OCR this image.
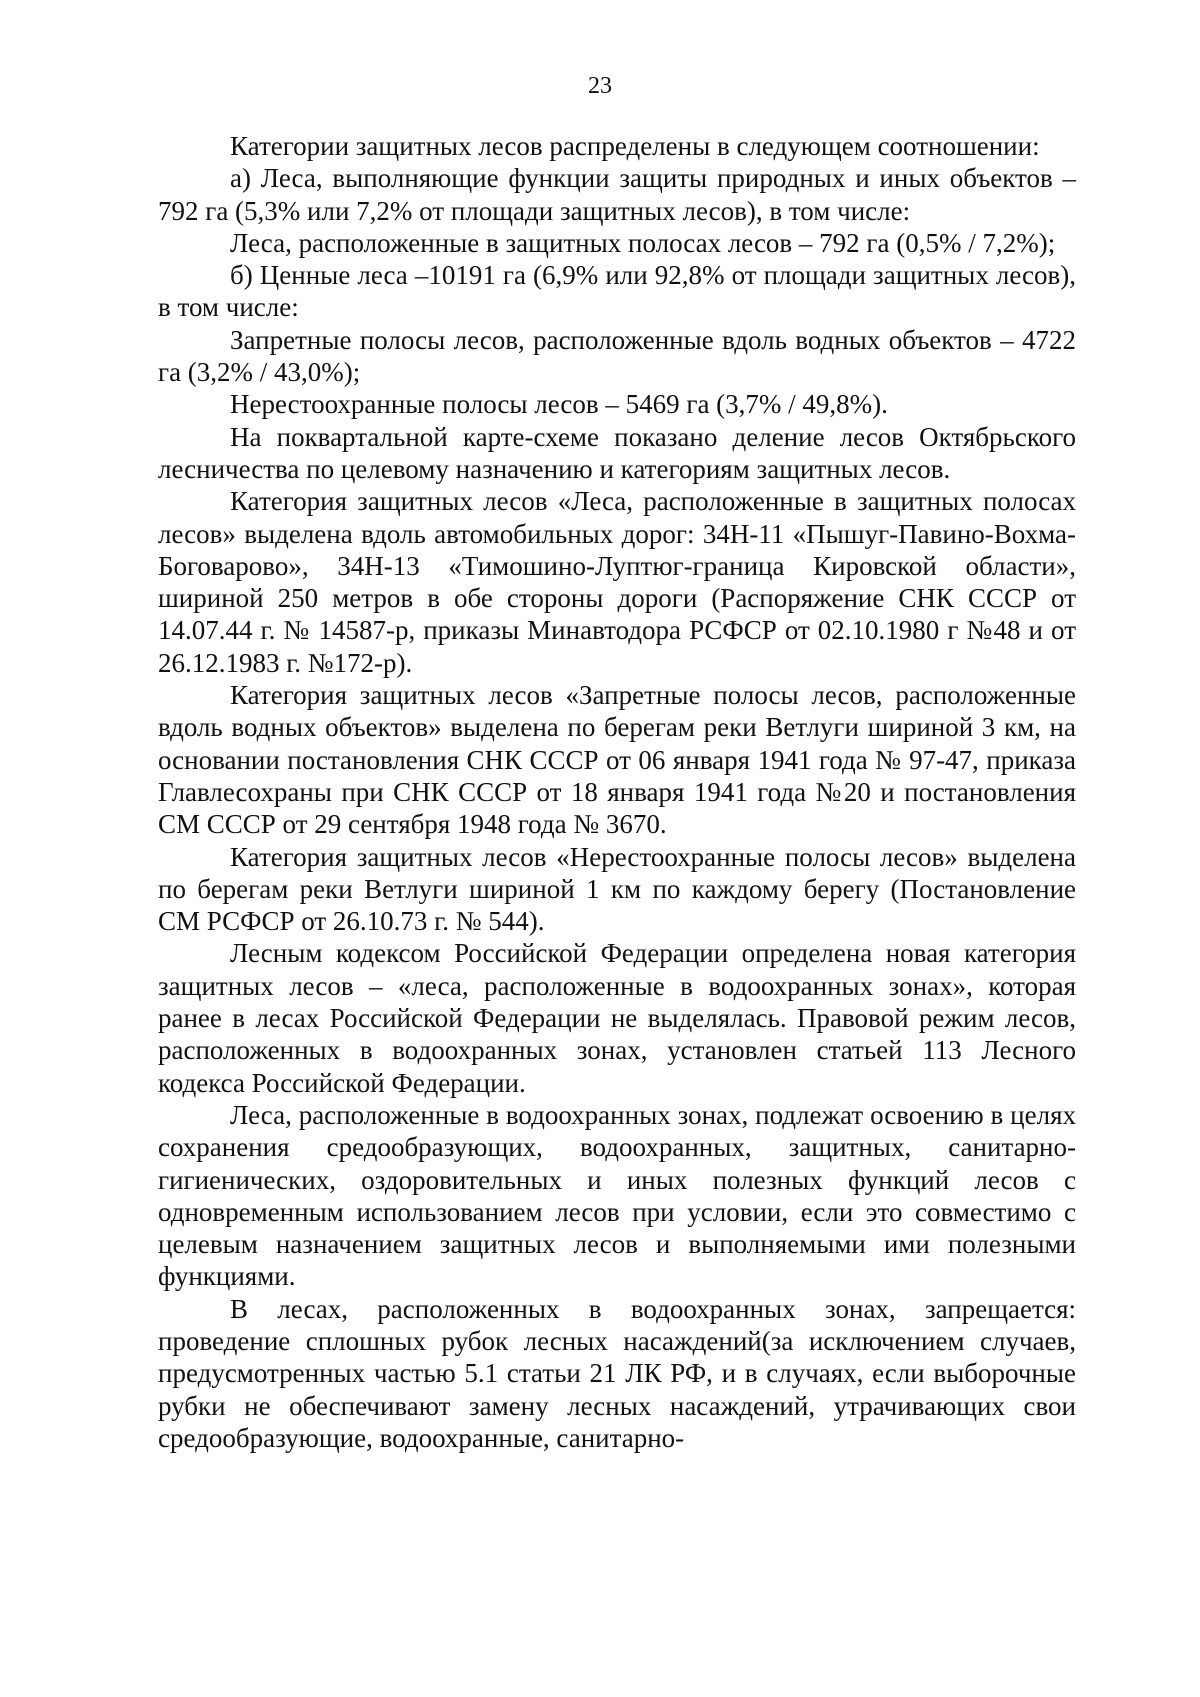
23

Категории защитных лесов распределены в следующем соотношении:

а) Леса, выполняющие функции защиты природных и иных объектов – 792 га (5,3% или 7,2% от площади защитных лесов), в том числе:

Леса, расположенные в защитных полосах лесов – 792 га (0,5% / 7,2%);

б) Ценные леса –10191 га (6,9% или 92,8% от площади защитных лесов), в том числе:

Запретные полосы лесов, расположенные вдоль водных объектов – 4722 га (3,2% / 43,0%);

Нерестоохранные полосы лесов – 5469 га (3,7% / 49,8%).

На поквартальной карте-схеме показано деление лесов Октябрьского лесничества по целевому назначению и категориям защитных лесов.

Категория защитных лесов «Леса, расположенные в защитных полосах лесов» выделена вдоль автомобильных дорог: 34Н-11 «Пышуг-Павино-Вохма-Боговарово», 34Н-13 «Тимошино-Луптюг-граница Кировской области», шириной 250 метров в обе стороны дороги (Распоряжение СНК СССР от 14.07.44 г. № 14587-р, приказы Минавтодора РСФСР от 02.10.1980 г №48 и от 26.12.1983 г. №172-р).

Категория защитных лесов «Запретные полосы лесов, расположенные вдоль водных объектов» выделена по берегам реки Ветлуги шириной 3 км, на основании постановления СНК СССР от 06 января 1941 года № 97-47, приказа Главлесохраны при СНК СССР от 18 января 1941 года №20 и постановления СМ СССР от 29 сентября 1948 года № 3670.

Категория защитных лесов «Нерестоохранные полосы лесов» выделена по берегам реки Ветлуги шириной 1 км по каждому берегу (Постановление СМ РСФСР от 26.10.73 г. № 544).

Лесным кодексом Российской Федерации определена новая категория защитных лесов – «леса, расположенные в водоохранных зонах», которая ранее в лесах Российской Федерации не выделялась. Правовой режим лесов, расположенных в водоохранных зонах, установлен статьей 113 Лесного кодекса Российской Федерации.

Леса, расположенные в водоохранных зонах, подлежат освоению в целях сохранения средообразующих, водоохранных, защитных, санитарно-гигиенических, оздоровительных и иных полезных функций лесов с одновременным использованием лесов при условии, если это совместимо с целевым назначением защитных лесов и выполняемыми ими полезными функциями.

В лесах, расположенных в водоохранных зонах, запрещается: проведение сплошных рубок лесных насаждений(за исключением случаев, предусмотренных частью 5.1 статьи 21 ЛК РФ, и в случаях, если выборочные рубки не обеспечивают замену лесных насаждений, утрачивающих свои средообразующие, водоохранные, санитарно-
